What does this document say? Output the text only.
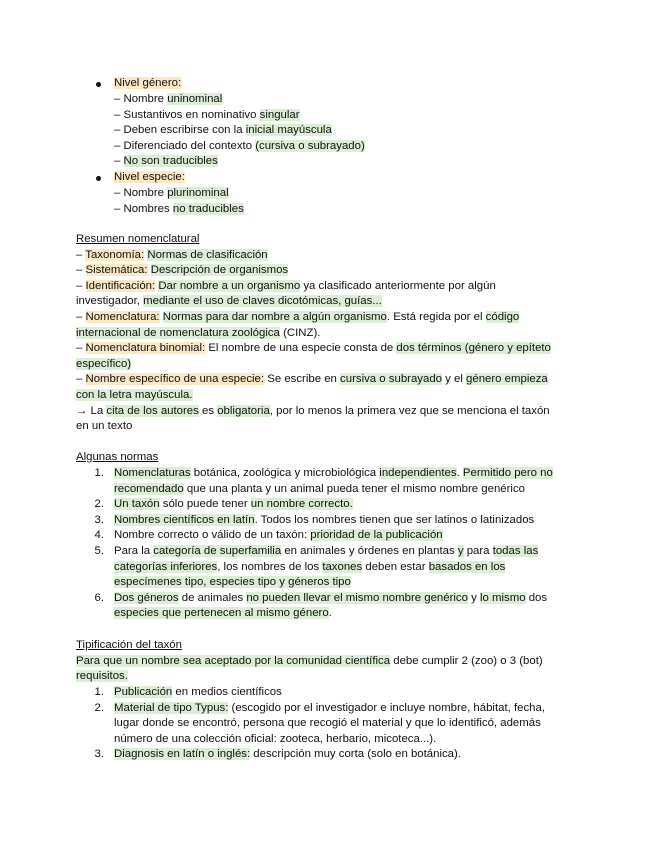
Nivel género:
– Nombre uninominal
– Sustantivos en nominativo singular
– Deben escribirse con la inicial mayúscula
– Diferenciado del contexto (cursiva o subrayado)
– No son traducibles
Nivel especie:
– Nombre plurinominal
– Nombres no traducibles
Resumen nomenclatural
– Taxonomía: Normas de clasificación
– Sistemática: Descripción de organismos
– Identificación: Dar nombre a un organismo ya clasificado anteriormente por algún
investigador, mediante el uso de claves dicotómicas, guías...
– Nomenclatura: Normas para dar nombre a algún organismo. Está regida por el código
internacional de nomenclatura zoológica (CINZ).
– Nomenclatura binomial: El nombre de una especie consta de dos términos (género y epíteto
específico)
– Nombre específico de una especie: Se escribe en cursiva o subrayado y el género empieza
con la letra mayúscula.
→ La cita de los autores es obligatoria, por lo menos la primera vez que se menciona el taxón
en un texto
Algunas normas
1. Nomenclaturas botánica, zoológica y microbiológica independientes. Permitido pero no
recomendado que una planta y un animal pueda tener el mismo nombre genérico
2. Un taxón sólo puede tener un nombre correcto.
3. Nombres científicos en latín. Todos los nombres tienen que ser latinos o latinizados
4. Nombre correcto o válido de un taxón: prioridad de la publicación
5. Para la categoría de superfamilia en animales y órdenes en plantas y para todas las
categorías inferiores, los nombres de los taxones deben estar basados en los
especímenes tipo, especies tipo y géneros tipo
6. Dos géneros de animales no pueden llevar el mismo nombre genérico y lo mismo dos
especies que pertenecen al mismo género.
Tipificación del taxón
Para que un nombre sea aceptado por la comunidad científica debe cumplir 2 (zoo) o 3 (bot)
requisitos.
1. Publicación en medios científicos
2. Material de tipo Typus: (escogido por el investigador e incluye nombre, hábitat, fecha,
lugar donde se encontró, persona que recogió el material y que lo identificó, además
número de una colección oficial: zooteca, herbario, micoteca...).
3. Diagnosis en latín o inglés: descripción muy corta (solo en botánica).
